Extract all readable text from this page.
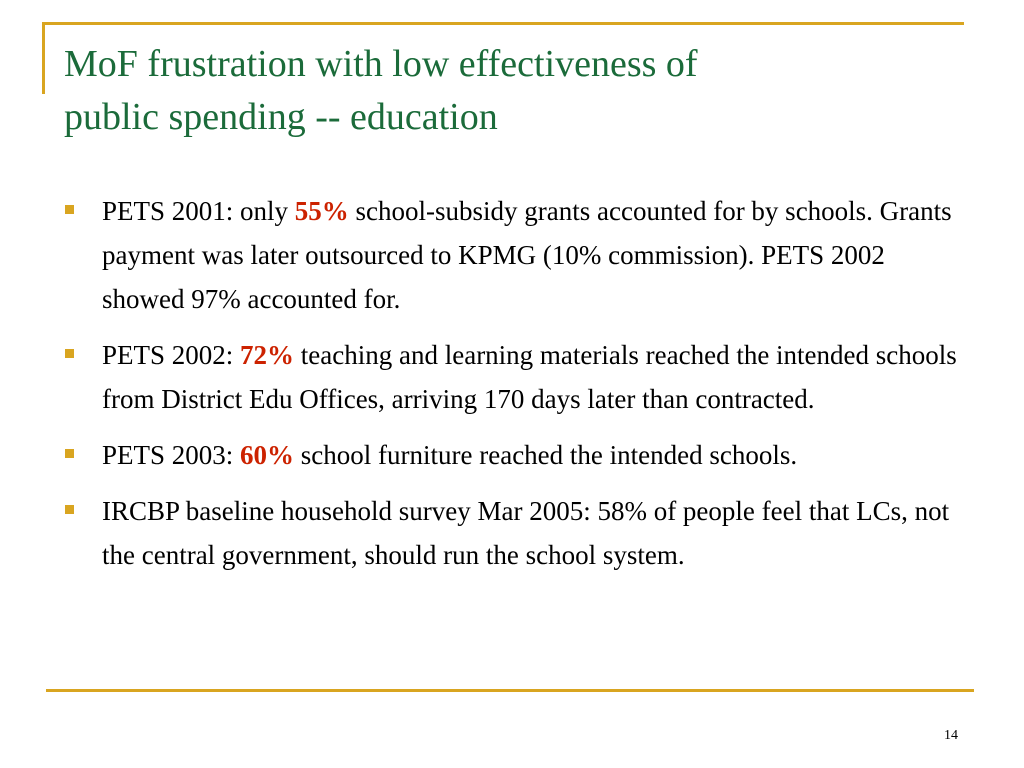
MoF frustration with low effectiveness of
public spending -- education
PETS 2001: only 55% school-subsidy grants accounted for by schools. Grants payment was later outsourced to KPMG (10% commission). PETS 2002 showed 97% accounted for.
PETS 2002: 72% teaching and learning materials reached the intended schools from District Edu Offices, arriving 170 days later than contracted.
PETS 2003: 60% school furniture reached the intended schools.
IRCBP baseline household survey Mar 2005: 58% of people feel that LCs, not the central government, should run the school system.
14
